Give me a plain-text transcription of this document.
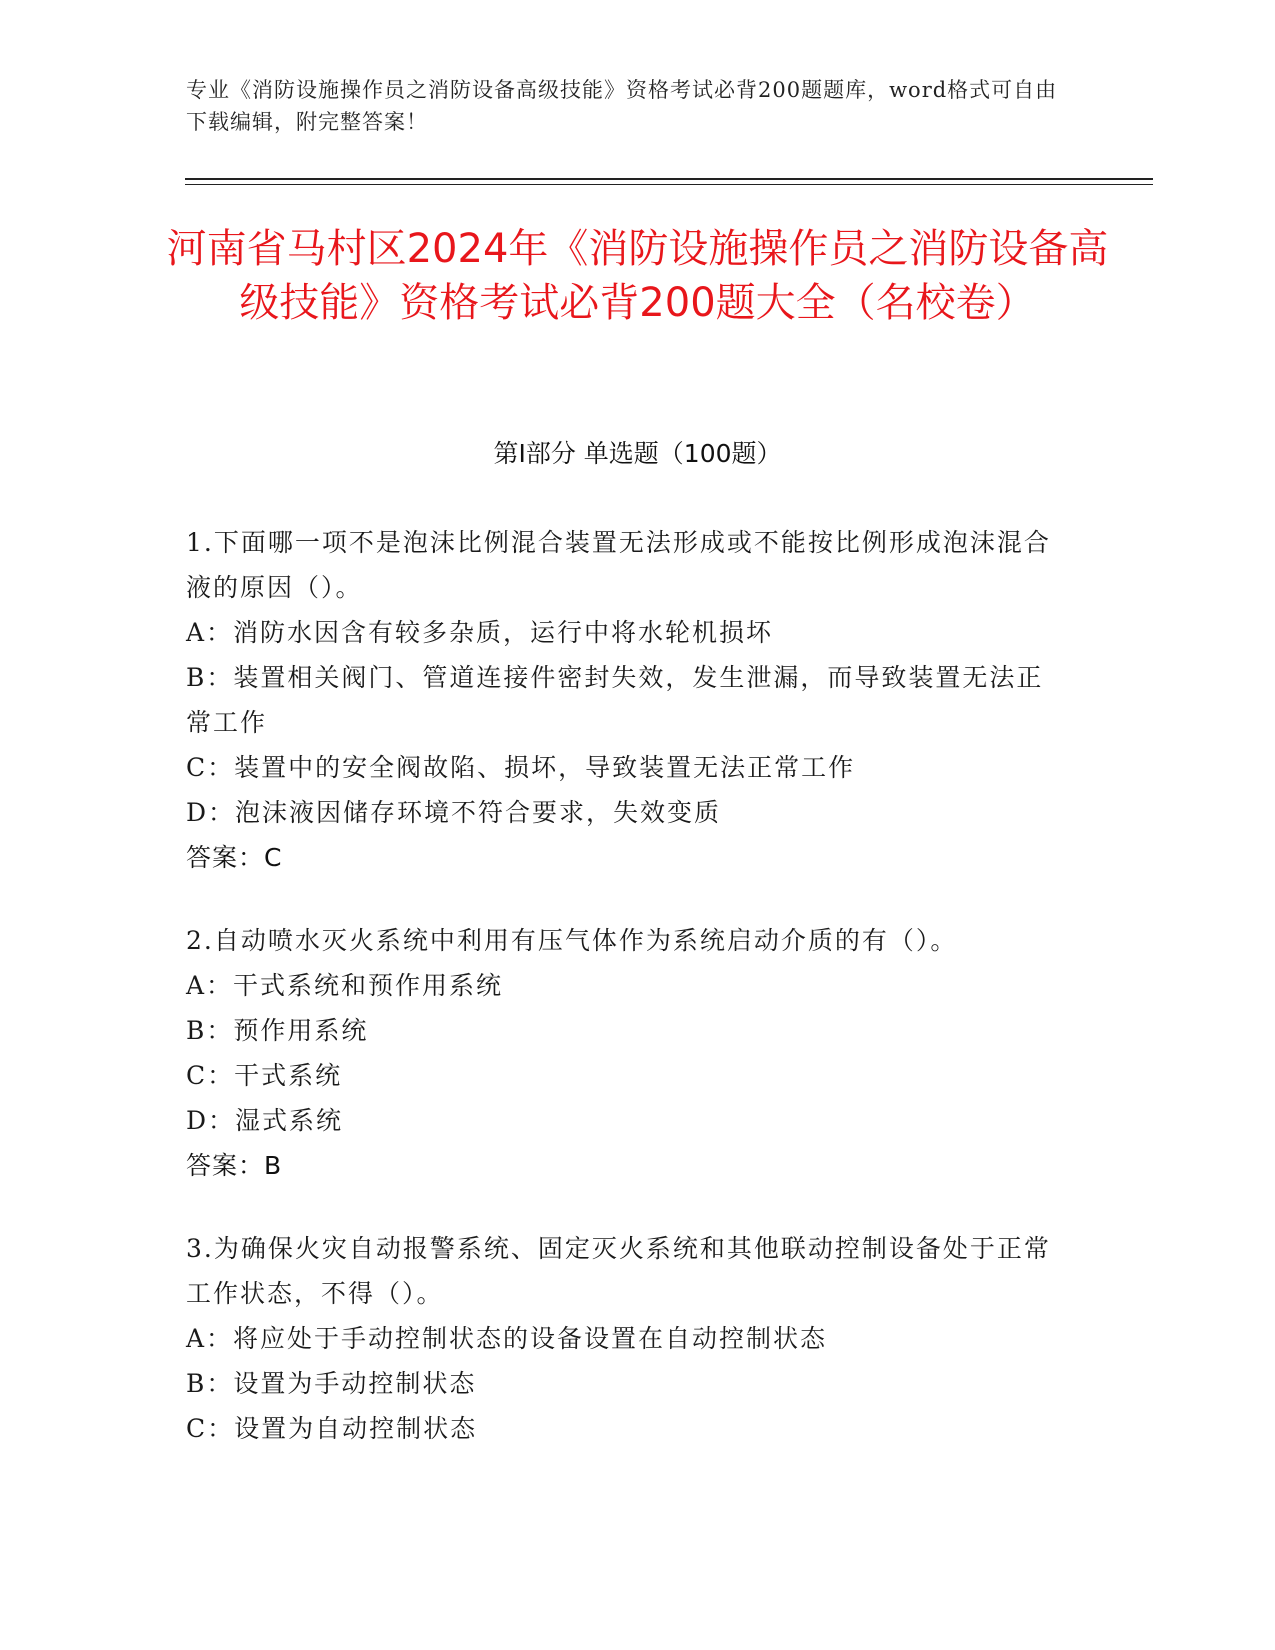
专业《消防设施操作员之消防设备高级技能》资格考试必背200题题库，word格式可自由下载编辑，附完整答案！
河南省马村区2024年《消防设施操作员之消防设备高级技能》资格考试必背200题大全（名校卷）
第I部分 单选题（100题）
1.下面哪一项不是泡沫比例混合装置无法形成或不能按比例形成泡沫混合液的原因（）。
A：消防水因含有较多杂质，运行中将水轮机损坏
B：装置相关阀门、管道连接件密封失效，发生泄漏，而导致装置无法正常工作
C：装置中的安全阀故陷、损坏，导致装置无法正常工作
D：泡沫液因储存环境不符合要求，失效变质
答案：C
2.自动喷水灭火系统中利用有压气体作为系统启动介质的有（）。
A：干式系统和预作用系统
B：预作用系统
C：干式系统
D：湿式系统
答案：B
3.为确保火灾自动报警系统、固定灭火系统和其他联动控制设备处于正常工作状态，不得（）。
A：将应处于手动控制状态的设备设置在自动控制状态
B：设置为手动控制状态
C：设置为自动控制状态
